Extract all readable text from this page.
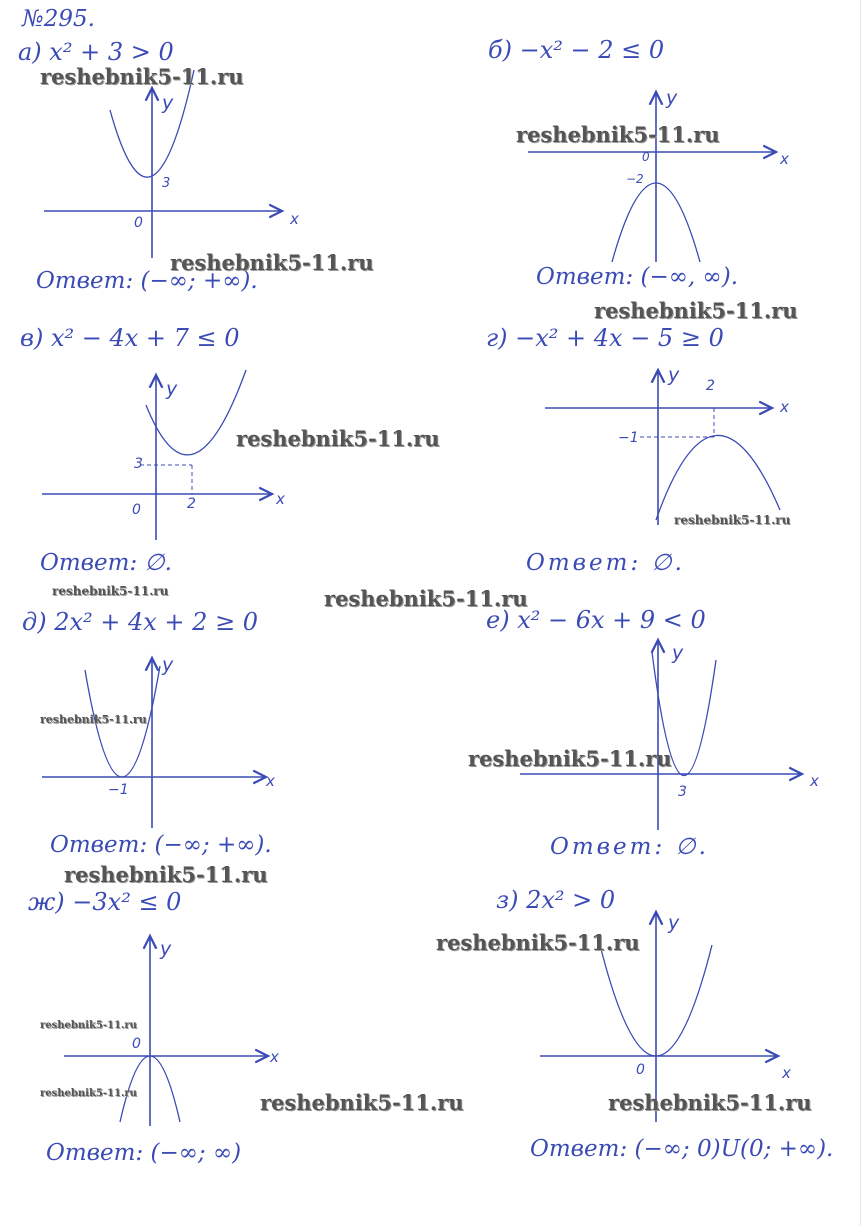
№295.
а) x² + 3 > 0
x
y
3
0
Ответ: (−∞; +∞).
б) −x² − 2 ≤ 0
x
y
0
−2
Ответ: (−∞, ∞).
в) x² − 4x + 7 ≤ 0
x
y
3
0	2
Ответ: ∅.
г) −x² + 4x − 5 ≥ 0
x
y 2
−1
Ответ: ∅.
д) 2x² + 4x + 2 ≥ 0
x
y
−1
Ответ: (−∞; +∞).
е) x² − 6x + 9 < 0
x
y
3
Ответ: ∅.
ж) −3x² ≤ 0
x
y
0
Ответ: (−∞; ∞)
з) 2x² > 0
x
y
0
Ответ: (−∞; 0)U(0; +∞).
reshebnik5-11.ru
reshebnik5-11.ru
reshebnik5-11.ru
reshebnik5-11.ru
reshebnik5-11.ru
reshebnik5-11.ru
reshebnik5-11.ru	reshebnik5-11.ru
reshebnik5-11.ru
reshebnik5-11.ru
reshebnik5-11.ru
reshebnik5-11.ru
reshebnik5-11.ru
reshebnik5-11.ru	reshebnik5-11.ru	reshebnik5-11.ru
